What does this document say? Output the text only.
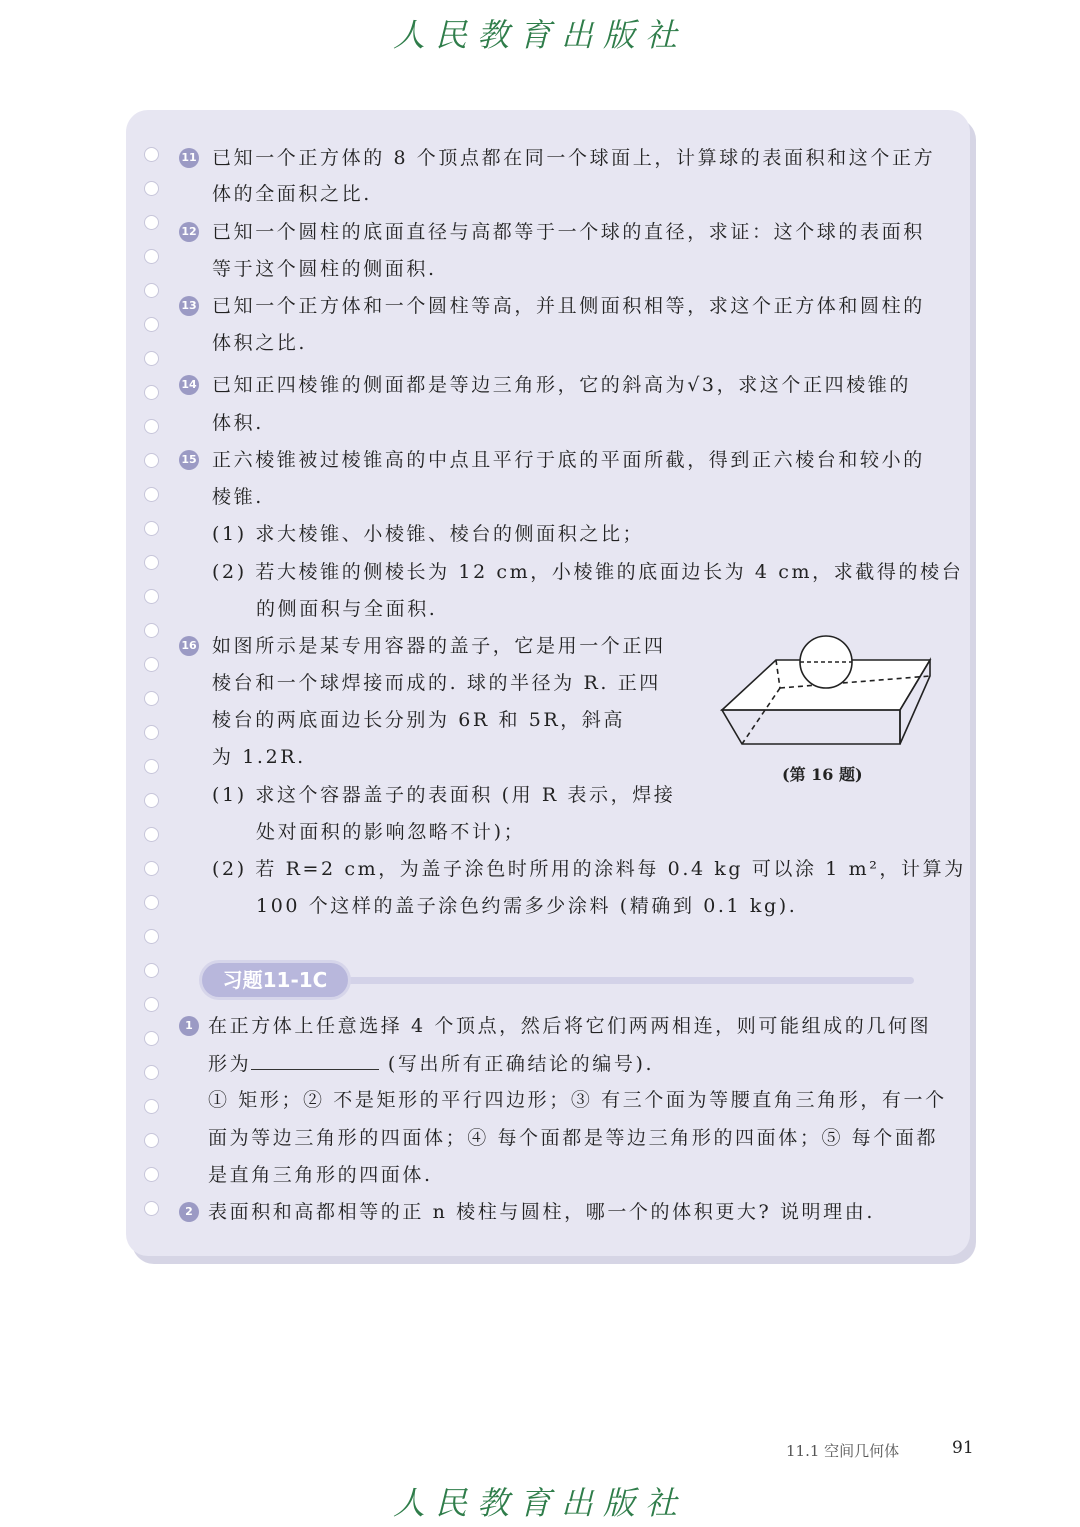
人民教育出版社
11 已知一个正方体的 8 个顶点都在同一个球面上，计算球的表面积和这个正方
体的全面积之比.
12 已知一个圆柱的底面直径与高都等于一个球的直径，求证：这个球的表面积
等于这个圆柱的侧面积.
13 已知一个正方体和一个圆柱等高，并且侧面积相等，求这个正方体和圆柱的
体积之比.
14 已知正四棱锥的侧面都是等边三角形，它的斜高为√3，求这个正四棱锥的
体积.
15 正六棱锥被过棱锥高的中点且平行于底的平面所截，得到正六棱台和较小的
棱锥.
(1) 求大棱锥、小棱锥、棱台的侧面积之比；
(2) 若大棱锥的侧棱长为 12 cm，小棱锥的底面边长为 4 cm，求截得的棱台
的侧面积与全面积.
16 如图所示是某专用容器的盖子，它是用一个正四
棱台和一个球焊接而成的. 球的半径为 R. 正四
棱台的两底面边长分别为 6R 和 5R，斜高
为 1.2R.
(1) 求这个容器盖子的表面积 (用 R 表示，焊接
处对面积的影响忽略不计)；
(2) 若 R=2 cm，为盖子涂色时所用的涂料每 0.4 kg 可以涂 1 m²，计算为
100 个这样的盖子涂色约需多少涂料 (精确到 0.1 kg).
(第 16 题)
习题11-1C
1 在正方体上任意选择 4 个顶点，然后将它们两两相连，则可能组成的几何图
形为	(写出所有正确结论的编号).
① 矩形；② 不是矩形的平行四边形；③ 有三个面为等腰直角三角形，有一个
面为等边三角形的四面体；④ 每个面都是等边三角形的四面体；⑤ 每个面都
是直角三角形的四面体.
2 表面积和高都相等的正 n 棱柱与圆柱，哪一个的体积更大? 说明理由.
11.1 空间几何体	91
人民教育出版社
